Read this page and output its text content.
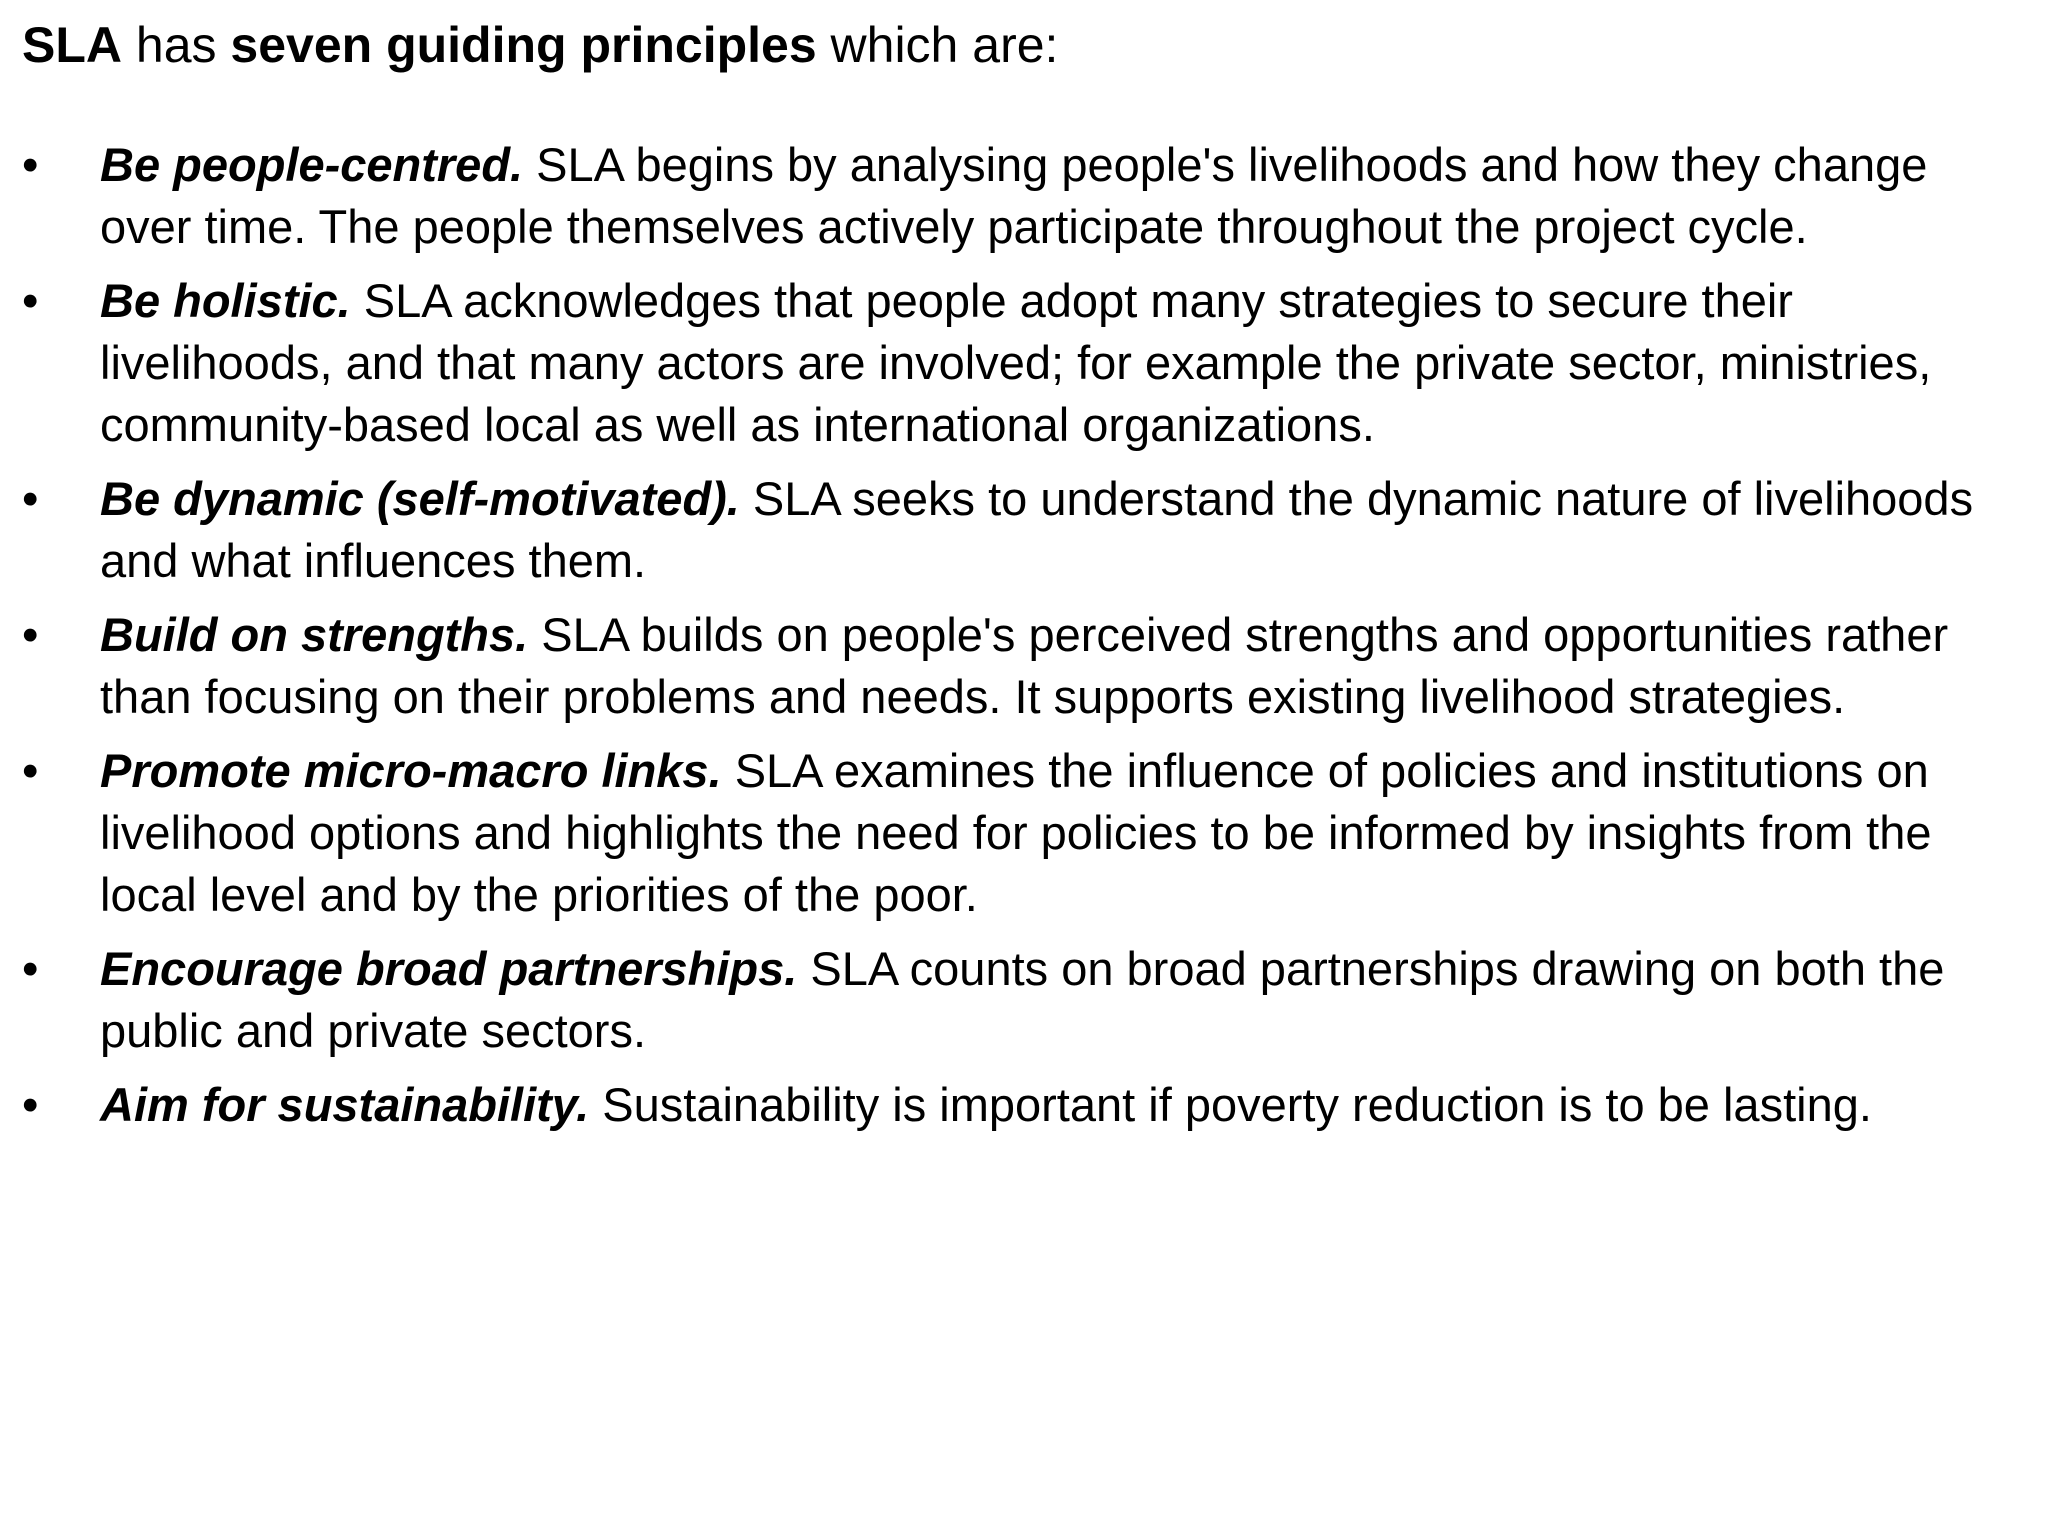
SLA has seven guiding principles which are:

•	Be people-centred. SLA begins by analysing people's livelihoods and how they change over time. The people themselves actively participate throughout the project cycle.
•	Be holistic. SLA acknowledges that people adopt many strategies to secure their livelihoods, and that many actors are involved; for example the private sector, ministries, community-based local as well as international organizations.
•	Be dynamic (self-motivated). SLA seeks to understand the dynamic nature of livelihoods and what influences them.
•	Build on strengths. SLA builds on people's perceived strengths and opportunities rather than focusing on their problems and needs. It supports existing livelihood strategies.
•	Promote micro-macro links. SLA examines the influence of policies and institutions on livelihood options and highlights the need for policies to be informed by insights from the local level and by the priorities of the poor.
•	Encourage broad partnerships. SLA counts on broad partnerships drawing on both the public and private sectors.
•	Aim for sustainability. Sustainability is important if poverty reduction is to be lasting.
